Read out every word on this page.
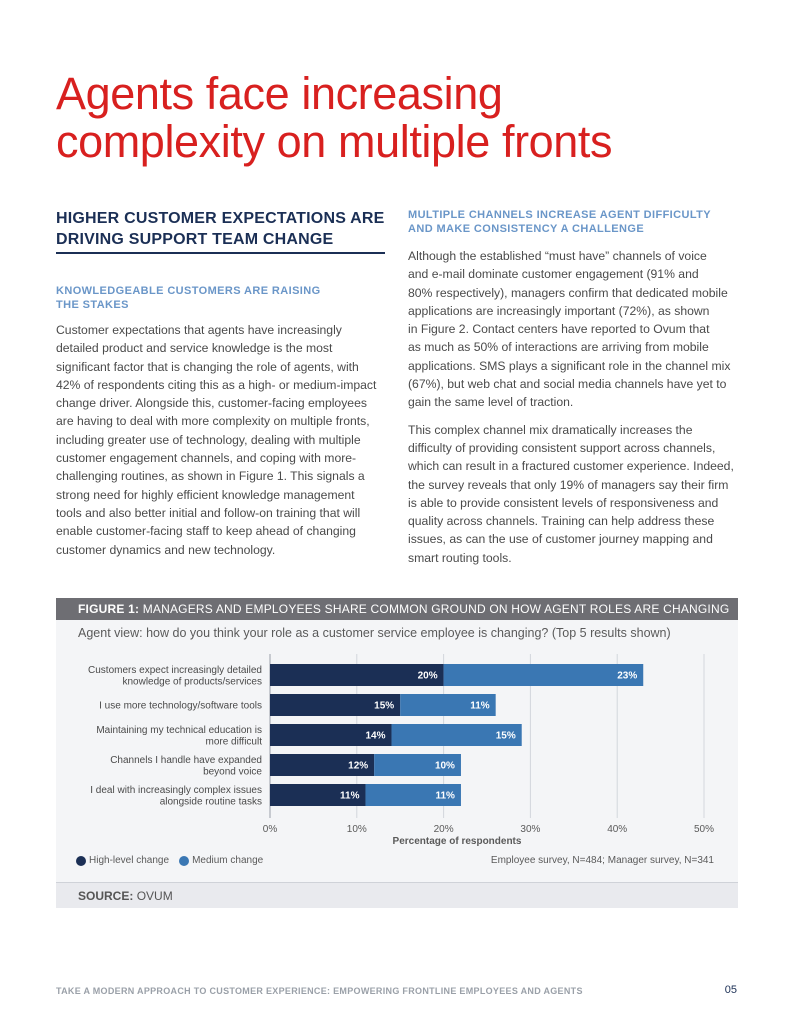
Agents face increasing
complexity on multiple fronts
HIGHER CUSTOMER EXPECTATIONS ARE
DRIVING SUPPORT TEAM CHANGE
KNOWLEDGEABLE CUSTOMERS ARE RAISING
THE STAKES
Customer expectations that agents have increasingly
detailed product and service knowledge is the most
significant factor that is changing the role of agents, with
42% of respondents citing this as a high- or medium-impact
change driver. Alongside this, customer-facing employees
are having to deal with more complexity on multiple fronts,
including greater use of technology, dealing with multiple
customer engagement channels, and coping with more-
challenging routines, as shown in Figure 1. This signals a
strong need for highly efficient knowledge management
tools and also better initial and follow-on training that will
enable customer-facing staff to keep ahead of changing
customer dynamics and new technology.
MULTIPLE CHANNELS INCREASE AGENT DIFFICULTY
AND MAKE CONSISTENCY A CHALLENGE
Although the established “must have” channels of voice
and e-mail dominate customer engagement (91% and
80% respectively), managers confirm that dedicated mobile
applications are increasingly important (72%), as shown
in Figure 2. Contact centers have reported to Ovum that
as much as 50% of interactions are arriving from mobile
applications. SMS plays a significant role in the channel mix
(67%), but web chat and social media channels have yet to
gain the same level of traction.
This complex channel mix dramatically increases the
difficulty of providing consistent support across channels,
which can result in a fractured customer experience. Indeed,
the survey reveals that only 19% of managers say their firm
is able to provide consistent levels of responsiveness and
quality across channels. Training can help address these
issues, as can the use of customer journey mapping and
smart routing tools.
FIGURE 1: MANAGERS AND EMPLOYEES SHARE COMMON GROUND ON HOW AGENT ROLES ARE CHANGING
Agent view: how do you think your role as a customer service employee is changing? (Top 5 results shown)
0%	10%	20%	30%	40%	50%
Percentage of respondents
Customers expect increasingly detailed
knowledge of products/services
20%	23%
I use more technology/software tools	15%	11%
Maintaining my technical education is
more difficult
14%	15%
Channels I handle have expanded
beyond voice
12%	10%
I deal with increasingly complex issues
alongside routine tasks
11%	11%
High-level change Medium change	Employee survey, N=484; Manager survey, N=341
SOURCE: OVUM
TAKE A MODERN APPROACH TO CUSTOMER EXPERIENCE: EMPOWERING FRONTLINE EMPLOYEES AND AGENTS	05
